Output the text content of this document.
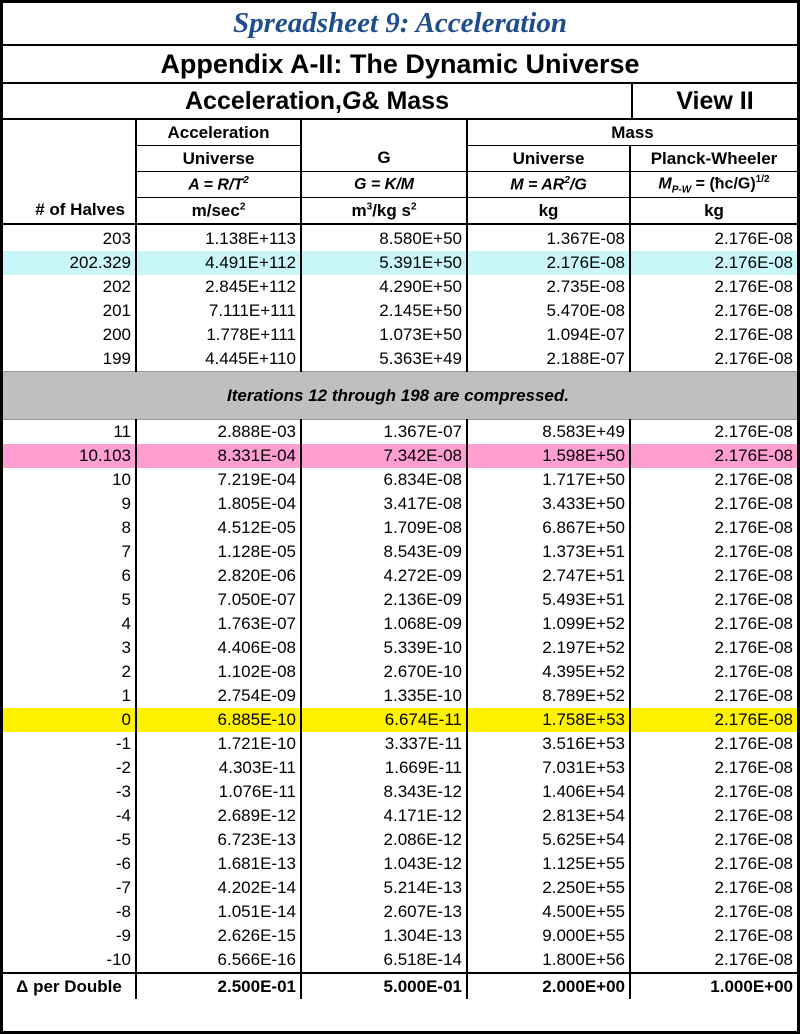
Spreadsheet 9: Acceleration
Appendix A-II: The Dynamic Universe
Acceleration, G & Mass	View II
	Acceleration		Mass	
	Universe	G	Universe	Planck-Wheeler
	$A = R/T^2$	G = K/M	$M = AR^2/G$	$M_{P-W}$ = (ħc/G)$^{1/2}$
# of Halves	$m/\sec^2$	$m^3/kg$ $s^2$	kg	kg

203	1.138E+113	8.580E+50	1.367E-08	2.176E-08
202.329	4.491E+112	5.391E+50	2.176E-08	2.176E-08
202	2.845E+112	4.290E+50	2.735E-08	2.176E-08
201	7.111E+111	2.145E+50	5.470E-08	2.176E-08
200	1.778E+111	1.073E+50	1.094E-07	2.176E-08
199	4.445E+110	5.363E+49	2.188E-07	2.176E-08
Iterations 12 through 198 are compressed.				
11	2.888E-03	1.367E-07	8.583E+49	2.176E-08
10.103	8.331E-04	7.342E-08	1.598E+50	2.176E-08
10	7.219E-04	6.834E-08	1.717E+50	2.176E-08
9	1.805E-04	3.417E-08	3.433E+50	2.176E-08
8	4.512E-05	1.709E-08	6.867E+50	2.176E-08
7	1.128E-05	8.543E-09	1.373E+51	2.176E-08
6	2.820E-06	4.272E-09	2.747E+51	2.176E-08
5	7.050E-07	2.136E-09	5.493E+51	2.176E-08
4	1.763E-07	1.068E-09	1.099E+52	2.176E-08
3	4.406E-08	5.339E-10	2.197E+52	2.176E-08
2	1.102E-08	2.670E-10	4.395E+52	2.176E-08
1	2.754E-09	1.335E-10	8.789E+52	2.176E-08
0	6.885E-10	6.674E-11	1.758E+53	2.176E-08
-1	1.721E-10	3.337E-11	3.516E+53	2.176E-08
-2	4.303E-11	1.669E-11	7.031E+53	2.176E-08
-3	1.076E-11	8.343E-12	1.406E+54	2.176E-08
-4	2.689E-12	4.171E-12	2.813E+54	2.176E-08
-5	6.723E-13	2.086E-12	5.625E+54	2.176E-08
-6	1.681E-13	1.043E-12	1.125E+55	2.176E-08
-7	4.202E-14	5.214E-13	2.250E+55	2.176E-08
-8	1.051E-14	2.607E-13	4.500E+55	2.176E-08
-9	2.626E-15	1.304E-13	9.000E+55	2.176E-08
-10	6.566E-16	6.518E-14	1.800E+56	2.176E-08
Δ per Double	2.500E-01	5.000E-01	2.000E+00	1.000E+00
